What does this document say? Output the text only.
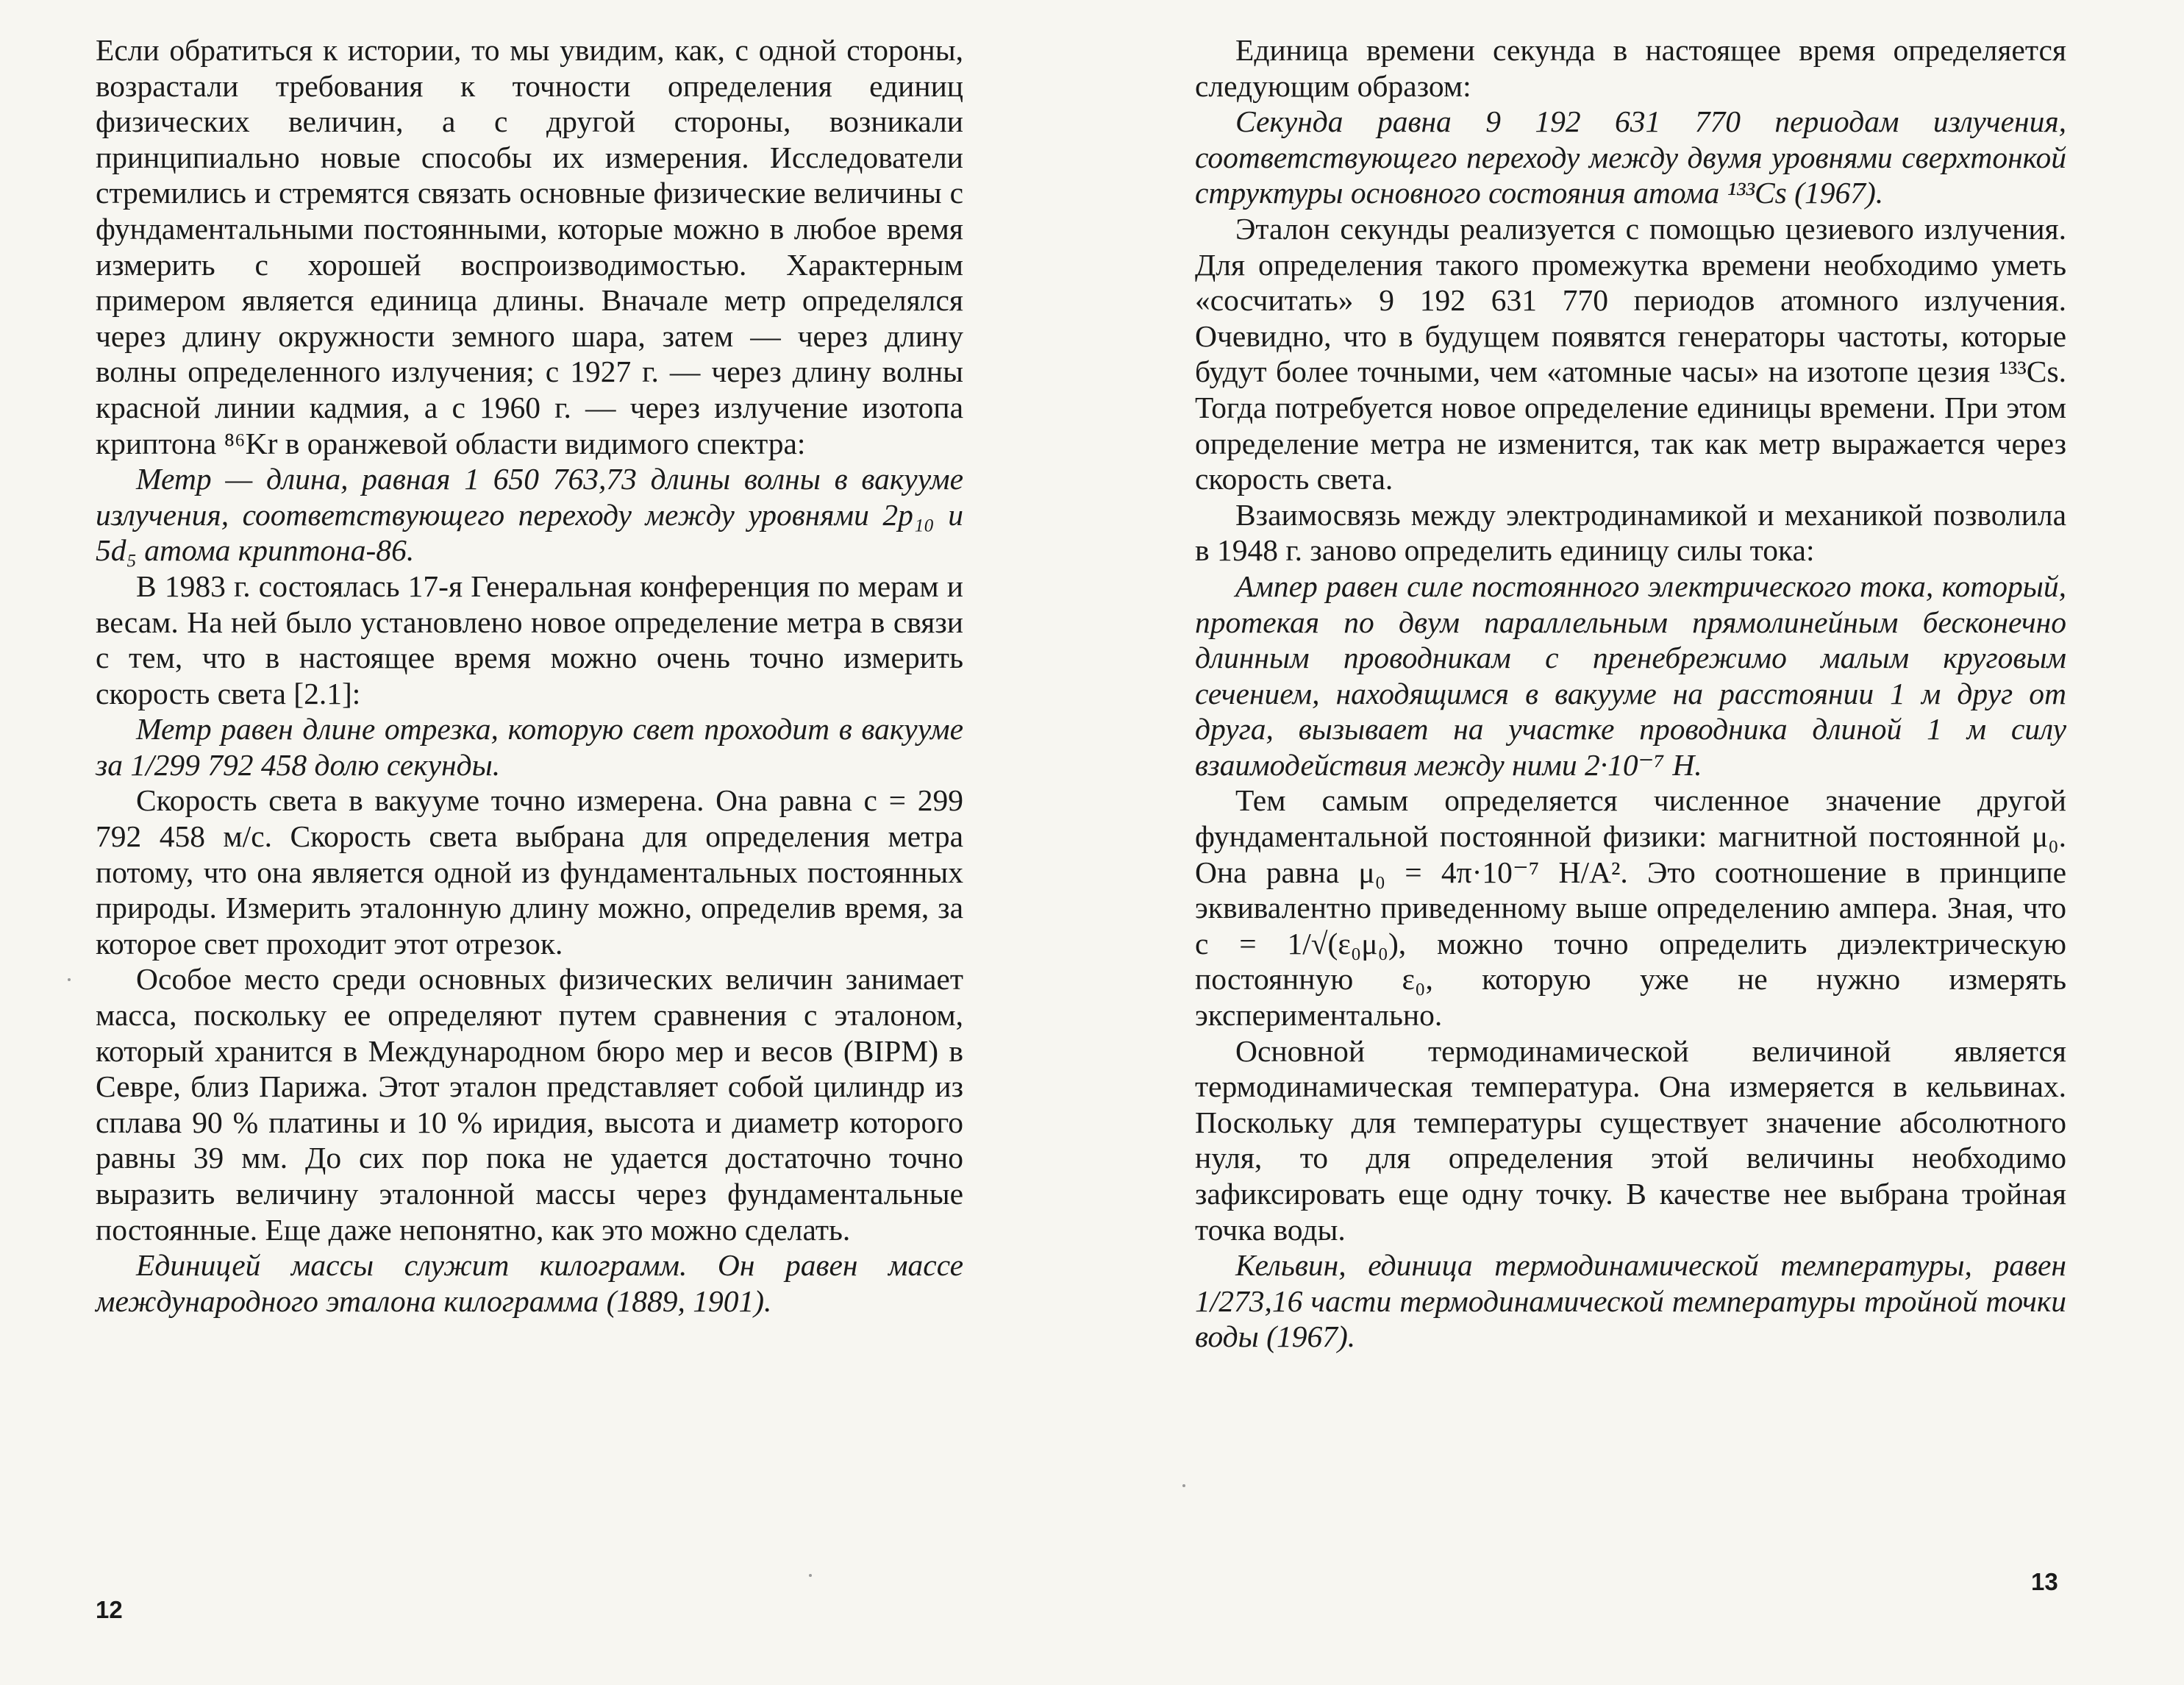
Если обратиться к истории, то мы увидим, как, с одной стороны, возрастали требования к точности определения единиц физических величин, а с другой стороны, возникали принципиально новые способы их измерения. Исследователи стремились и стремятся связать основные физические величины с фундаментальными постоянными, которые можно в любое время измерить с хорошей воспроизводимостью. Характерным примером является единица длины. Вначале метр определялся через длину окружности земного шара, затем — через длину волны определенного излучения; с 1927 г. — через длину волны красной линии кадмия, а с 1960 г. — через излучение изотопа криптона ⁸⁶Kr в оранжевой области видимого спектра:

Метр — длина, равная 1 650 763,73 длины волны в вакууме излучения, соответствующего переходу между уровнями 2p₁₀ и 5d₅ атома криптона-86.

В 1983 г. состоялась 17-я Генеральная конференция по мерам и весам. На ней было установлено новое определение метра в связи с тем, что в настоящее время можно очень точно измерить скорость света [2.1]:

Метр равен длине отрезка, которую свет проходит в вакууме за 1/299 792 458 долю секунды.

Скорость света в вакууме точно измерена. Она равна c = 299 792 458 м/с. Скорость света выбрана для определения метра потому, что она является одной из фундаментальных постоянных природы. Измерить эталонную длину можно, определив время, за которое свет проходит этот отрезок.

Особое место среди основных физических величин занимает масса, поскольку ее определяют путем сравнения с эталоном, который хранится в Международном бюро мер и весов (BIPM) в Севре, близ Парижа. Этот эталон представляет собой цилиндр из сплава 90 % платины и 10 % иридия, высота и диаметр которого равны 39 мм. До сих пор пока не удается достаточно точно выразить величину эталонной массы через фундаментальные постоянные. Еще даже непонятно, как это можно сделать.

Единицей массы служит килограмм. Он равен массе международного эталона килограмма (1889, 1901).

12

Единица времени секунда в настоящее время определяется следующим образом:

Секунда равна 9 192 631 770 периодам излучения, соответствующего переходу между двумя уровнями сверхтонкой структуры основного состояния атома ¹³³Cs (1967).

Эталон секунды реализуется с помощью цезиевого излучения. Для определения такого промежутка времени необходимо уметь «сосчитать» 9 192 631 770 периодов атомного излучения. Очевидно, что в будущем появятся генераторы частоты, которые будут более точными, чем «атомные часы» на изотопе цезия ¹³³Cs. Тогда потребуется новое определение единицы времени. При этом определение метра не изменится, так как метр выражается через скорость света.

Взаимосвязь между электродинамикой и механикой позволила в 1948 г. заново определить единицу силы тока:

Ампер равен силе постоянного электрического тока, который, протекая по двум параллельным прямолинейным бесконечно длинным проводникам с пренебрежимо малым круговым сечением, находящимся в вакууме на расстоянии 1 м друг от друга, вызывает на участке проводника длиной 1 м силу взаимодействия между ними 2·10⁻⁷ Н.

Тем самым определяется численное значение другой фундаментальной постоянной физики: магнитной постоянной μ₀. Она равна μ₀ = 4π·10⁻⁷ Н/А². Это соотношение в принципе эквивалентно приведенному выше определению ампера. Зная, что c = 1/√(ε₀μ₀), можно точно определить диэлектрическую постоянную ε₀, которую уже не нужно измерять экспериментально.

Основной термодинамической величиной является термодинамическая температура. Она измеряется в кельвинах. Поскольку для температуры существует значение абсолютного нуля, то для определения этой величины необходимо зафиксировать еще одну точку. В качестве нее выбрана тройная точка воды.

Кельвин, единица термодинамической температуры, равен 1/273,16 части термодинамической температуры тройной точки воды (1967).

13
